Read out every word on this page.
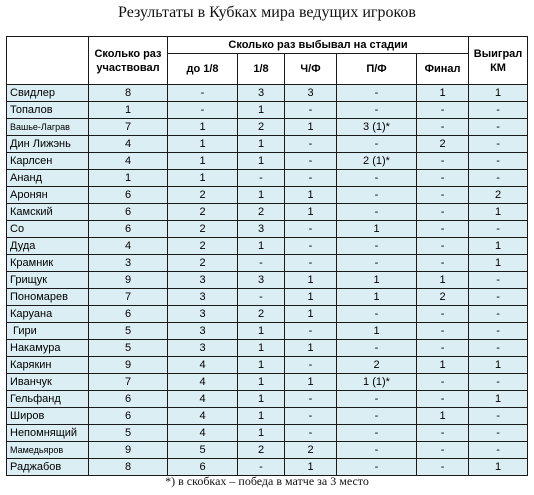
Результаты в Кубках мира ведущих игроков
	Сколько раз участвовал	Сколько раз выбывал на стадии					Выиграл КМ
		до 1/8	1/8	Ч/Ф	П/Ф	Финал	
Свидлер	8	-	3	3	-	1	1
Топалов	1	-	1	-	-	-	-
Вашье-Лаграв	7	1	2	1	3 (1)*	-	-
Дин Лижэнь	4	1	1	-	-	2	-
Карлсен	4	1	1	-	2 (1)*	-	-
Ананд	1	1	-	-	-	-	-
Аронян	6	2	1	1	-	-	2
Камский	6	2	2	1	-	-	1
Со	6	2	3	-	1	-	-
Дуда	4	2	1	-	-	-	1
Крамник	3	2	-	-	-	-	1
Грищук	9	3	3	1	1	1	-
Пономарев	7	3	-	1	1	2	-
Каруана	6	3	2	1	-	-	-
Гири	5	3	1	-	1	-	-
Накамура	5	3	1	1	-	-	-
Карякин	9	4	1	-	2	1	1
Иванчук	7	4	1	1	1 (1)*	-	-
Гельфанд	6	4	1	-	-	-	1
Широв	6	4	1	-	-	1	-
Непомнящий	5	4	1	-	-	-	-
Мамедьяров	9	5	2	2	-	-	-
Раджабов	8	6	-	1	-	-	1
*) в скобках – победа в матче за 3 место
